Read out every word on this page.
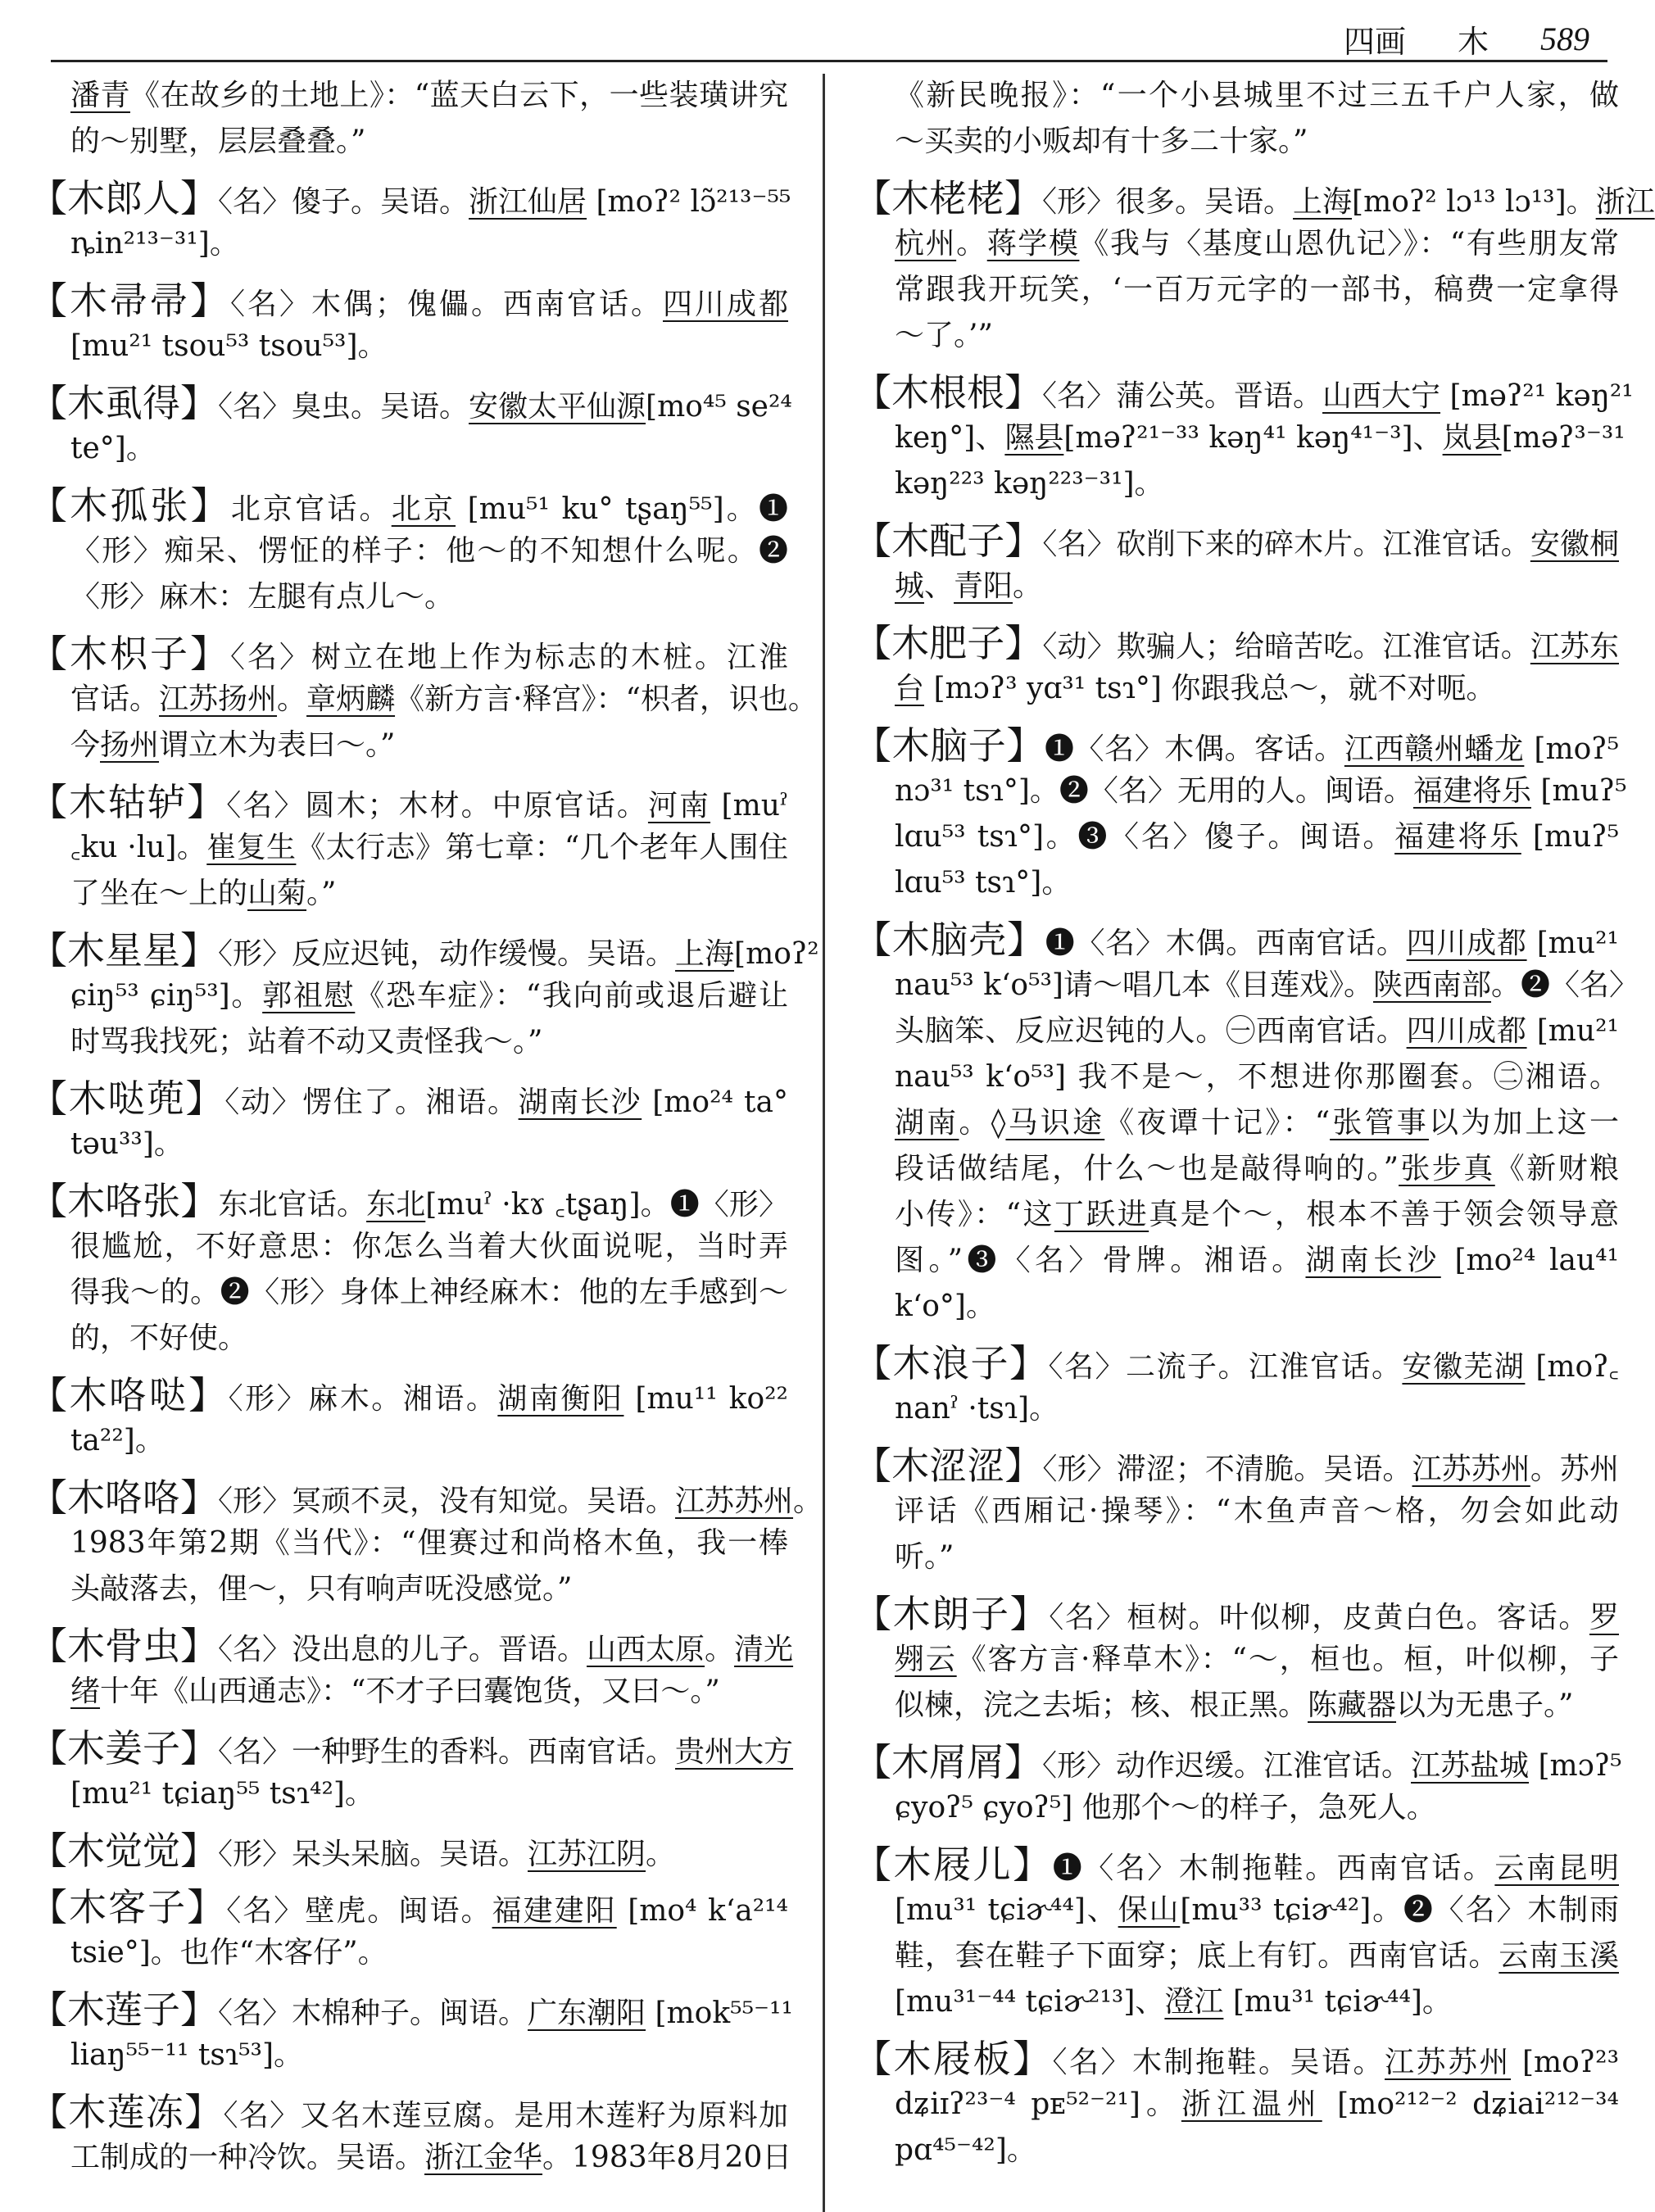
四画 木 589
潘青《在故乡的土地上》：“蓝天白云下，一些装璜讲究
的～别墅，层层叠叠。”
【木郎人】〈名〉傻子。吴语。浙江仙居 [moʔ² lɔ̃²¹³⁻⁵⁵
ȵin²¹³⁻³¹]。
【木帚帚】〈名〉木偶；傀儡。西南官话。四川成都
[mu²¹ tsou⁵³ tsou⁵³]。
【木虱得】〈名〉臭虫。吴语。安徽太平仙源[mo⁴⁵ se²⁴
te°]。
【木孤张】北京官话。北京 [mu⁵¹ ku° tʂaŋ⁵⁵]。❶
〈形〉痴呆、愣怔的样子：他～的不知想什么呢。❷
〈形〉麻木：左腿有点儿～。
【木枳子】〈名〉树立在地上作为标志的木桩。江淮
官话。江苏扬州。章炳麟《新方言·释宫》：“枳者，识也。
今扬州谓立木为表曰～。”
【木轱轳】〈名〉圆木；木材。中原官话。河南 [muˀ
꜀ku ·lu]。崔复生《太行志》第七章：“几个老年人围住
了坐在～上的山菊。”
【木星星】〈形〉反应迟钝，动作缓慢。吴语。上海[moʔ²
ɕiŋ⁵³ ɕiŋ⁵³]。郭祖慰《恐车症》：“我向前或退后避让
时骂我找死；站着不动又责怪我～。”
【木哒蔸】〈动〉愣住了。湘语。湖南长沙 [mo²⁴ ta°
təu³³]。
【木咯张】东北官话。东北[muˀ ·kɤ ꜀tʂaŋ]。❶〈形〉
很尴尬，不好意思：你怎么当着大伙面说呢，当时弄
得我～的。❷〈形〉身体上神经麻木：他的左手感到～
的，不好使。
【木咯哒】〈形〉麻木。湘语。湖南衡阳 [mu¹¹ ko²²
ta²²]。
【木咯咯】〈形〉冥顽不灵，没有知觉。吴语。江苏苏州。
1983年第2期《当代》：“俚赛过和尚格木鱼，我一棒
头敲落去，俚～，只有响声呒没感觉。”
【木骨虫】〈名〉没出息的儿子。晋语。山西太原。清光
绪十年《山西通志》：“不才子曰囊饱货，又曰～。”
【木姜子】〈名〉一种野生的香料。西南官话。贵州大方
[mu²¹ tɕiaŋ⁵⁵ tsɿ⁴²]。
【木觉觉】〈形〉呆头呆脑。吴语。江苏江阴。
【木客子】〈名〉壁虎。闽语。福建建阳 [mo⁴ kʻa²¹⁴
tsie°]。也作“木客仔”。
【木莲子】〈名〉木棉种子。闽语。广东潮阳 [mok⁵⁵⁻¹¹
liaŋ⁵⁵⁻¹¹ tsɿ⁵³]。
【木莲冻】〈名〉又名木莲豆腐。是用木莲籽为原料加
工制成的一种冷饮。吴语。浙江金华。1983年8月20日
《新民晚报》：“一个小县城里不过三五千户人家，做
～买卖的小贩却有十多二十家。”
【木栳栳】〈形〉很多。吴语。上海[moʔ² lɔ¹³ lɔ¹³]。浙江
杭州。蒋学模《我与〈基度山恩仇记〉》：“有些朋友常
常跟我开玩笑，‘一百万元字的一部书，稿费一定拿得
～了。’”
【木根根】〈名〉蒲公英。晋语。山西大宁 [məʔ²¹ kəŋ²¹
keŋ°]、隰县[məʔ²¹⁻³³ kəŋ⁴¹ kəŋ⁴¹⁻³]、岚县[məʔ³⁻³¹
kəŋ²²³ kəŋ²²³⁻³¹]。
【木配子】〈名〉砍削下来的碎木片。江淮官话。安徽桐
城、青阳。
【木肥子】〈动〉欺骗人；给暗苦吃。江淮官话。江苏东
台 [mɔʔ³ yɑ³¹ tsɿ°] 你跟我总～，就不对呃。
【木脑子】❶〈名〉木偶。客话。江西赣州蟠龙 [moʔ⁵
nɔ³¹ tsɿ°]。❷〈名〉无用的人。闽语。福建将乐 [muʔ⁵
lɑu⁵³ tsɿ°]。❸〈名〉傻子。闽语。福建将乐 [muʔ⁵
lɑu⁵³ tsɿ°]。
【木脑壳】❶〈名〉木偶。西南官话。四川成都 [mu²¹
nau⁵³ kʻo⁵³]请～唱几本《目莲戏》。陕西南部。❷〈名〉
头脑笨、反应迟钝的人。㊀西南官话。四川成都 [mu²¹
nau⁵³ kʻo⁵³] 我不是～，不想进你那圈套。㊁湘语。
湖南。◊马识途《夜谭十记》：“张管事以为加上这一
段话做结尾，什么～也是敲得响的。”张步真《新财粮
小传》：“这丁跃进真是个～，根本不善于领会领导意
图。”❸〈名〉骨牌。湘语。湖南长沙 [mo²⁴ lau⁴¹
kʻo°]。
【木浪子】〈名〉二流子。江淮官话。安徽芜湖 [moʔ꜀
nanˀ ·tsɿ]。
【木涩涩】〈形〉滞涩；不清脆。吴语。江苏苏州。苏州
评话《西厢记·操琴》：“木鱼声音～格，勿会如此动
听。”
【木朗子】〈名〉桓树。叶似柳，皮黄白色。客话。罗
翙云《客方言·释草木》：“～，桓也。桓，叶似柳，子
似楝，浣之去垢；核、根正黑。陈藏器以为无患子。”
【木屑屑】〈形〉动作迟缓。江淮官话。江苏盐城 [mɔʔ⁵
ɕyoʔ⁵ ɕyoʔ⁵] 他那个～的样子，急死人。
【木屐儿】❶〈名〉木制拖鞋。西南官话。云南昆明
[mu³¹ tɕiɚ⁴⁴]、保山[mu³³ tɕiɚ⁴²]。❷〈名〉木制雨
鞋，套在鞋子下面穿；底上有钉。西南官话。云南玉溪
[mu³¹⁻⁴⁴ tɕiɚ²¹³]、澄江 [mu³¹ tɕiɚ⁴⁴]。
【木屐板】〈名〉木制拖鞋。吴语。江苏苏州 [moʔ²³
dʑiɪʔ²³⁻⁴ pᴇ⁵²⁻²¹]。浙江温州 [mo²¹²⁻² dʑiai²¹²⁻³⁴
pɑ⁴⁵⁻⁴²]。
